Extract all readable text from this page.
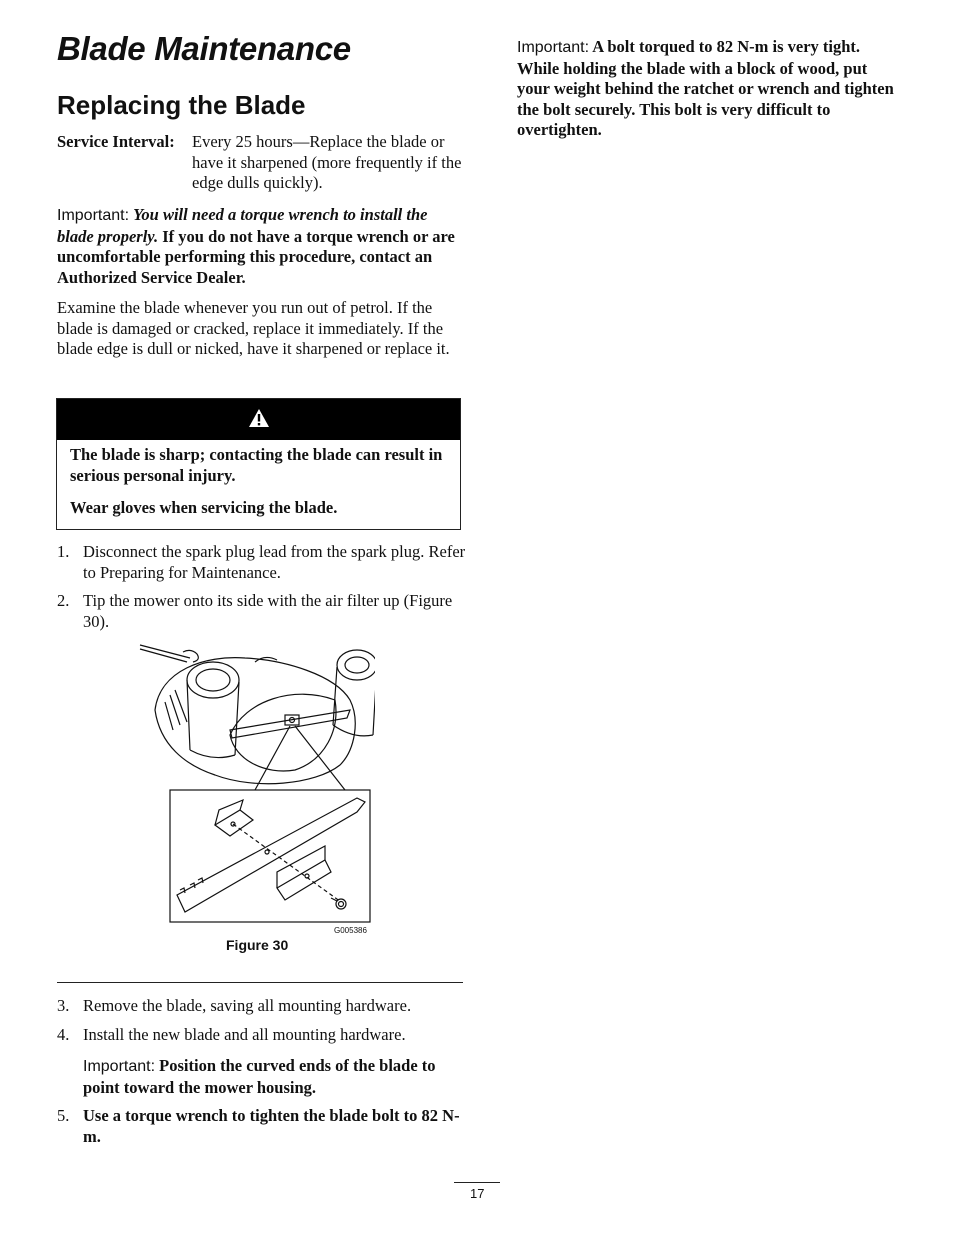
Blade Maintenance
Replacing the Blade
Service Interval: Every 25 hours—Replace the blade or have it sharpened (more frequently if the edge dulls quickly).
Important: You will need a torque wrench to install the blade properly. If you do not have a torque wrench or are uncomfortable performing this procedure, contact an Authorized Service Dealer.
Examine the blade whenever you run out of petrol. If the blade is damaged or cracked, replace it immediately. If the blade edge is dull or nicked, have it sharpened or replace it.
The blade is sharp; contacting the blade can result in serious personal injury.
Wear gloves when servicing the blade.
1. Disconnect the spark plug lead from the spark plug. Refer to Preparing for Maintenance.
2. Tip the mower onto its side with the air filter up (Figure 30).
G005386
Figure 30
3. Remove the blade, saving all mounting hardware.
4. Install the new blade and all mounting hardware.
Important: Position the curved ends of the blade to point toward the mower housing.
5. Use a torque wrench to tighten the blade bolt to 82 N-m.
Important: A bolt torqued to 82 N-m is very tight. While holding the blade with a block of wood, put your weight behind the ratchet or wrench and tighten the bolt securely. This bolt is very difficult to overtighten.
17
